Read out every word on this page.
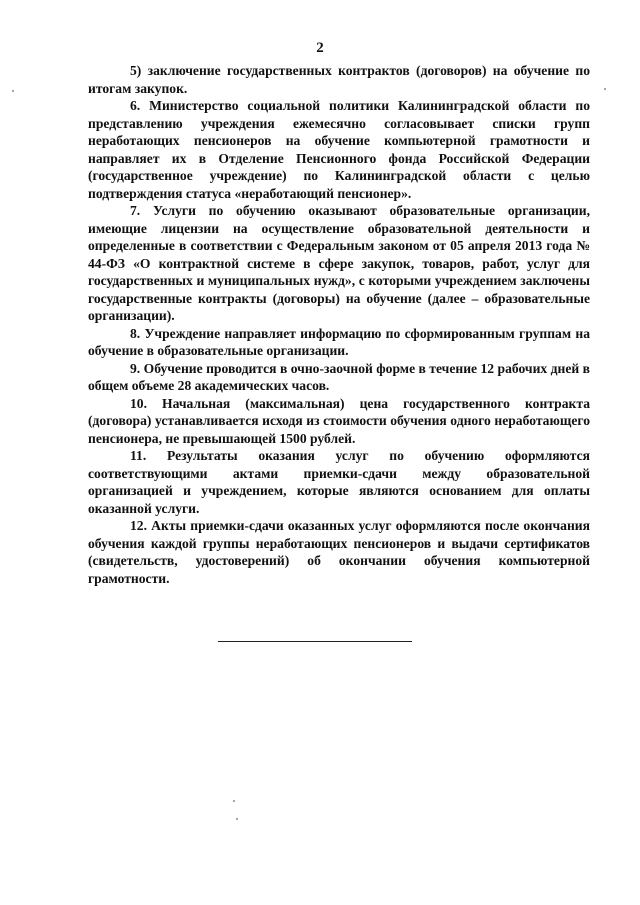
2

5) заключение государственных контрактов (договоров) на обучение по итогам закупок.

6. Министерство социальной политики Калининградской области по представлению учреждения ежемесячно согласовывает списки групп неработающих пенсионеров на обучение компьютерной грамотности и направляет их в Отделение Пенсионного фонда Российской Федерации (государственное учреждение) по Калининградской области с целью подтверждения статуса «неработающий пенсионер».

7. Услуги по обучению оказывают образовательные организации, имеющие лицензии на осуществление образовательной деятельности и определенные в соответствии с Федеральным законом от 05 апреля 2013 года № 44-ФЗ «О контрактной системе в сфере закупок, товаров, работ, услуг для государственных и муниципальных нужд», с которыми учреждением заключены государственные контракты (договоры) на обучение (далее – образовательные организации).

8. Учреждение направляет информацию по сформированным группам на обучение в образовательные организации.

9. Обучение проводится в очно-заочной форме в течение 12 рабочих дней в общем объеме 28 академических часов.

10. Начальная (максимальная) цена государственного контракта (договора) устанавливается исходя из стоимости обучения одного неработающего пенсионера, не превышающей 1500 рублей.

11. Результаты оказания услуг по обучению оформляются соответствующими актами приемки-сдачи между образовательной организацией и учреждением, которые являются основанием для оплаты оказанной услуги.

12. Акты приемки-сдачи оказанных услуг оформляются после окончания обучения каждой группы неработающих пенсионеров и выдачи сертификатов (свидетельств, удостоверений) об окончании обучения компьютерной грамотности.
